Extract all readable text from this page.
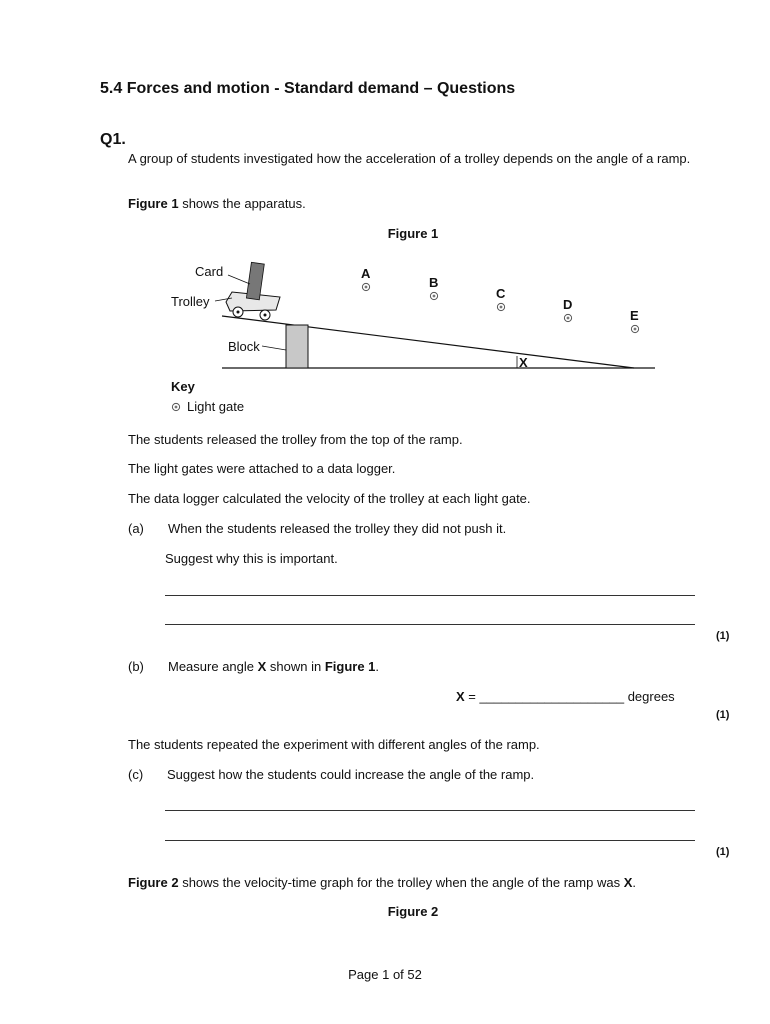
5.4 Forces and motion - Standard demand – Questions
Q1.
A group of students investigated how the acceleration of a trolley depends on the angle of a ramp.
Figure 1 shows the apparatus.
Figure 1
Card
Trolley
Block
X
A
B
C
D
E
Key
Light gate
The students released the trolley from the top of the ramp.
The light gates were attached to a data logger.
The data logger calculated the velocity of the trolley at each light gate.
(a) When the students released the trolley they did not push it.
Suggest why this is important.
(1)
(b) Measure angle X shown in Figure 1.
X = ____________________ degrees
(1)
The students repeated the experiment with different angles of the ramp.
(c) Suggest how the students could increase the angle of the ramp.
(1)
Figure 2 shows the velocity-time graph for the trolley when the angle of the ramp was X.
Figure 2
Page 1 of 52
